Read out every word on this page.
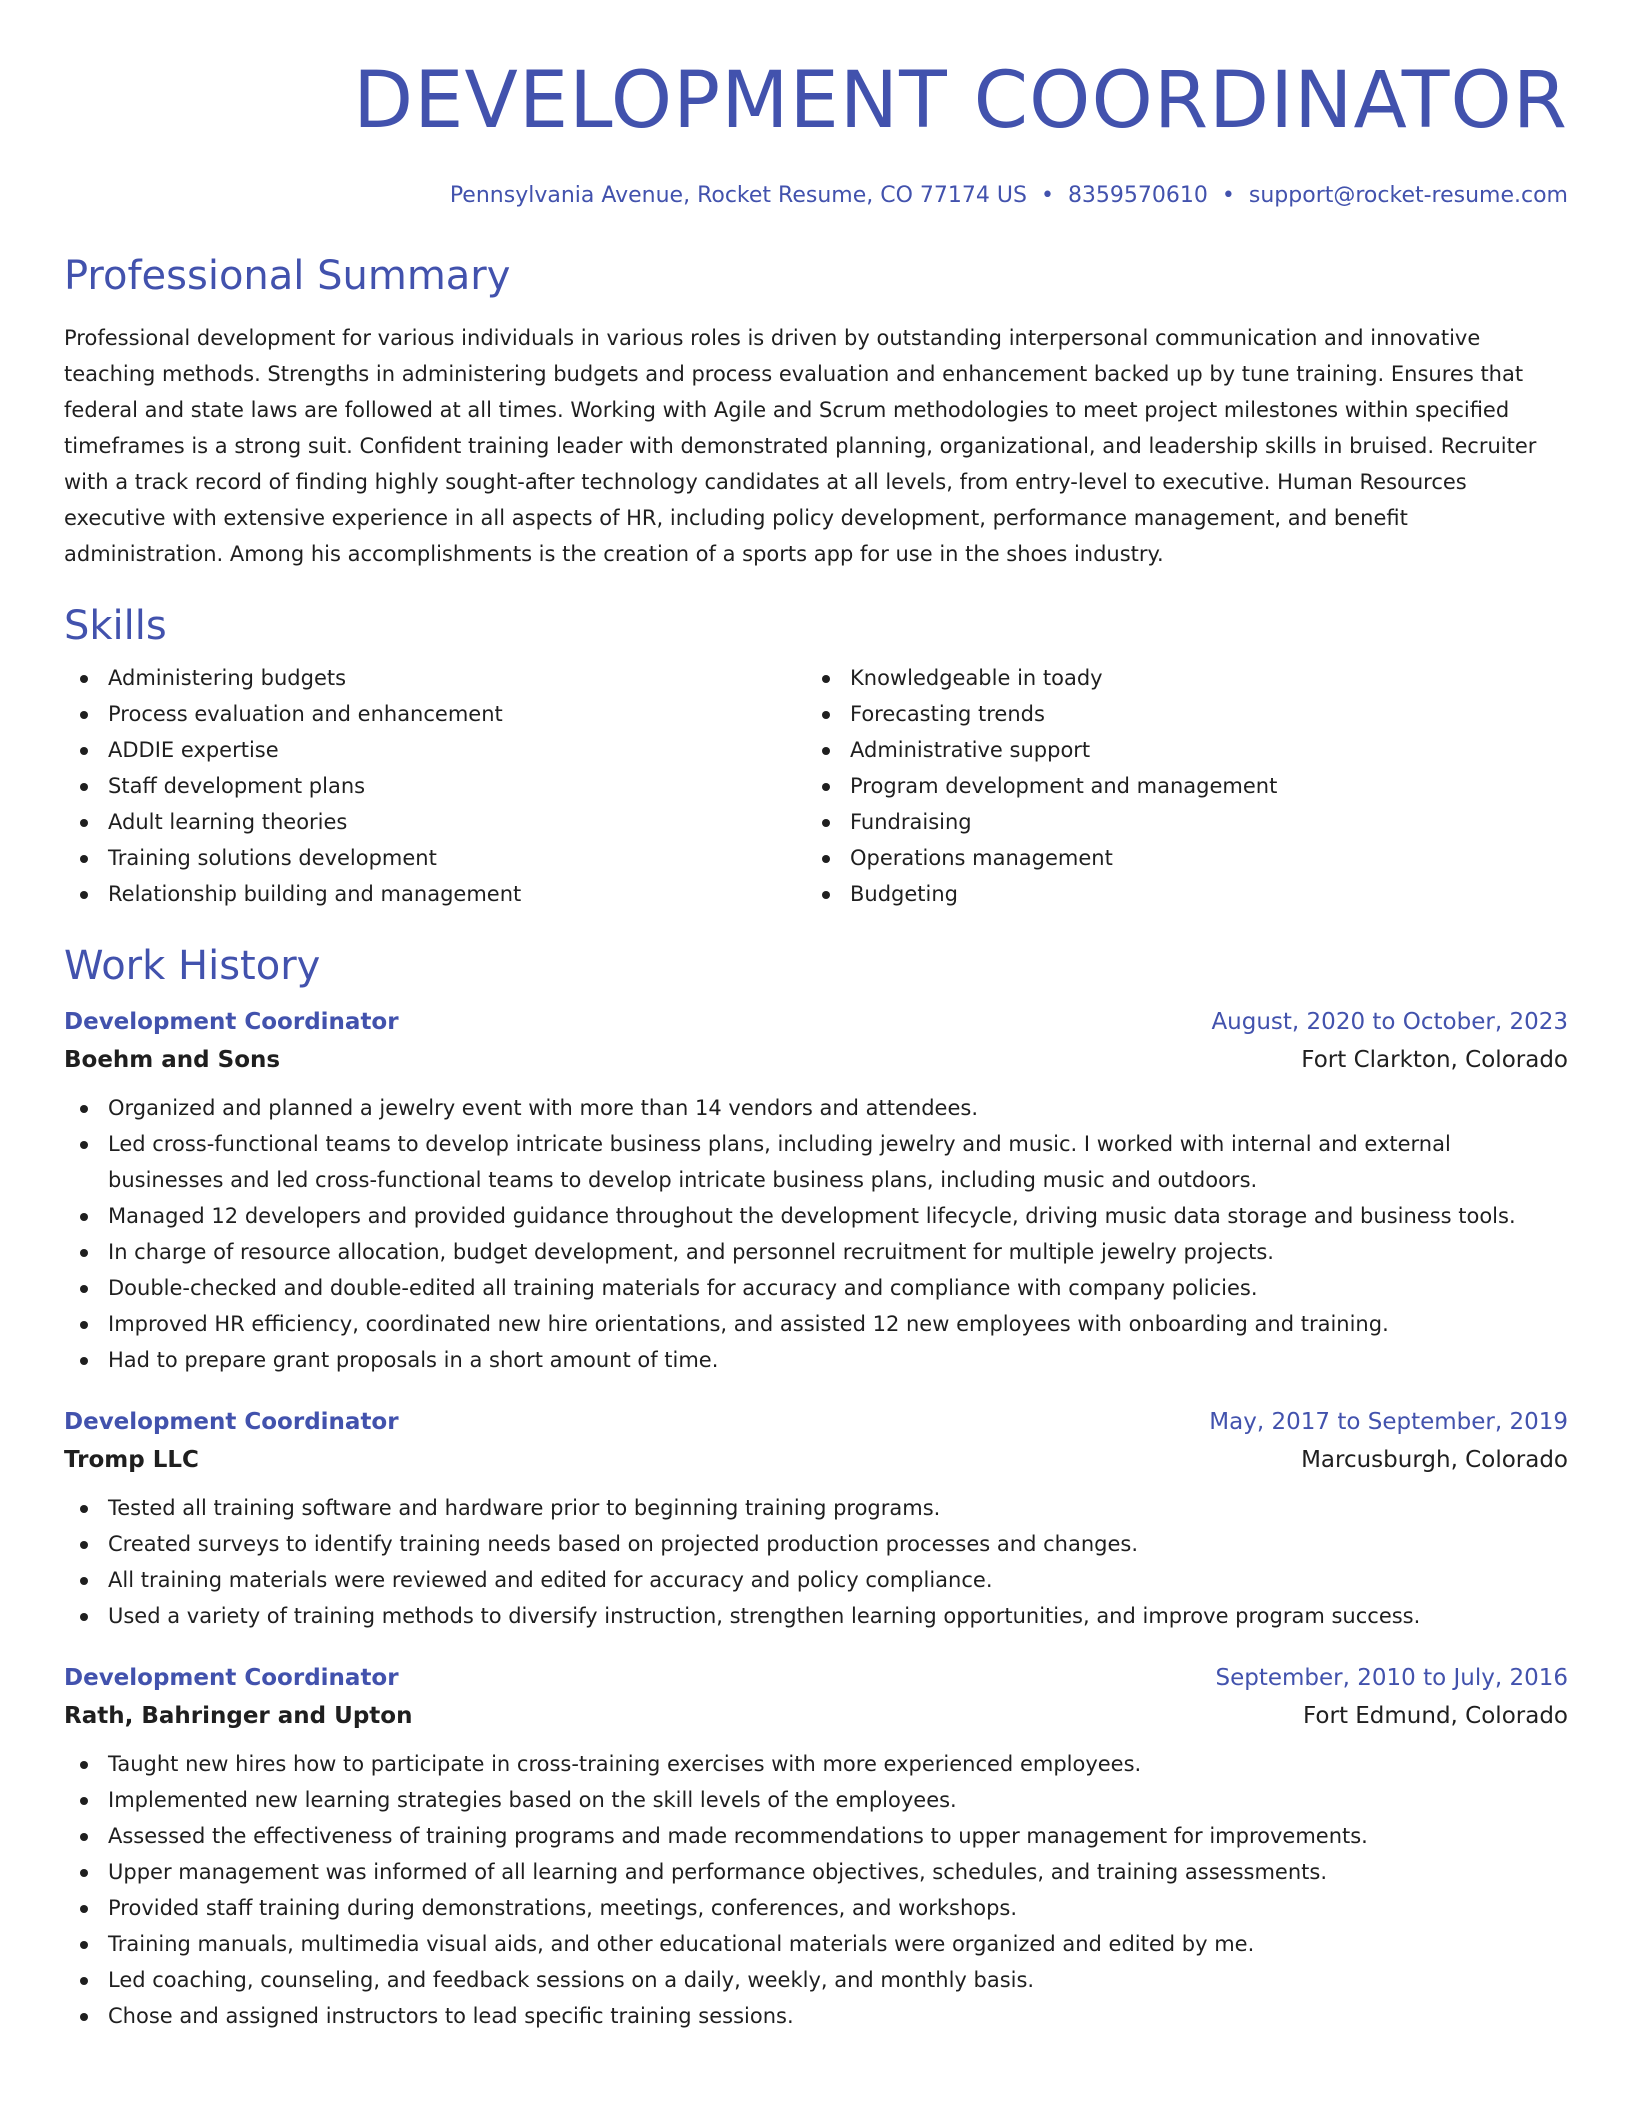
DEVELOPMENT COORDINATOR
Pennsylvania Avenue, Rocket Resume, CO 77174 US • 8359570610 • support@rocket-resume.com
Professional Summary
Professional development for various individuals in various roles is driven by outstanding interpersonal communication and innovative teaching methods. Strengths in administering budgets and process evaluation and enhancement backed up by tune training. Ensures that federal and state laws are followed at all times. Working with Agile and Scrum methodologies to meet project milestones within specified timeframes is a strong suit. Confident training leader with demonstrated planning, organizational, and leadership skills in bruised. Recruiter with a track record of finding highly sought-after technology candidates at all levels, from entry-level to executive. Human Resources executive with extensive experience in all aspects of HR, including policy development, performance management, and benefit administration. Among his accomplishments is the creation of a sports app for use in the shoes industry.
Skills
Administering budgets
Process evaluation and enhancement
ADDIE expertise
Staff development plans
Adult learning theories
Training solutions development
Relationship building and management
Knowledgeable in toady
Forecasting trends
Administrative support
Program development and management
Fundraising
Operations management
Budgeting
Work History
Development Coordinator	August, 2020 to October, 2023
Boehm and Sons	Fort Clarkton, Colorado
Organized and planned a jewelry event with more than 14 vendors and attendees.
Led cross-functional teams to develop intricate business plans, including jewelry and music. I worked with internal and external businesses and led cross-functional teams to develop intricate business plans, including music and outdoors.
Managed 12 developers and provided guidance throughout the development lifecycle, driving music data storage and business tools.
In charge of resource allocation, budget development, and personnel recruitment for multiple jewelry projects.
Double-checked and double-edited all training materials for accuracy and compliance with company policies.
Improved HR efficiency, coordinated new hire orientations, and assisted 12 new employees with onboarding and training.
Had to prepare grant proposals in a short amount of time.
Development Coordinator	May, 2017 to September, 2019
Tromp LLC	Marcusburgh, Colorado
Tested all training software and hardware prior to beginning training programs.
Created surveys to identify training needs based on projected production processes and changes.
All training materials were reviewed and edited for accuracy and policy compliance.
Used a variety of training methods to diversify instruction, strengthen learning opportunities, and improve program success.
Development Coordinator	September, 2010 to July, 2016
Rath, Bahringer and Upton	Fort Edmund, Colorado
Taught new hires how to participate in cross-training exercises with more experienced employees.
Implemented new learning strategies based on the skill levels of the employees.
Assessed the effectiveness of training programs and made recommendations to upper management for improvements.
Upper management was informed of all learning and performance objectives, schedules, and training assessments.
Provided staff training during demonstrations, meetings, conferences, and workshops.
Training manuals, multimedia visual aids, and other educational materials were organized and edited by me.
Led coaching, counseling, and feedback sessions on a daily, weekly, and monthly basis.
Chose and assigned instructors to lead specific training sessions.
